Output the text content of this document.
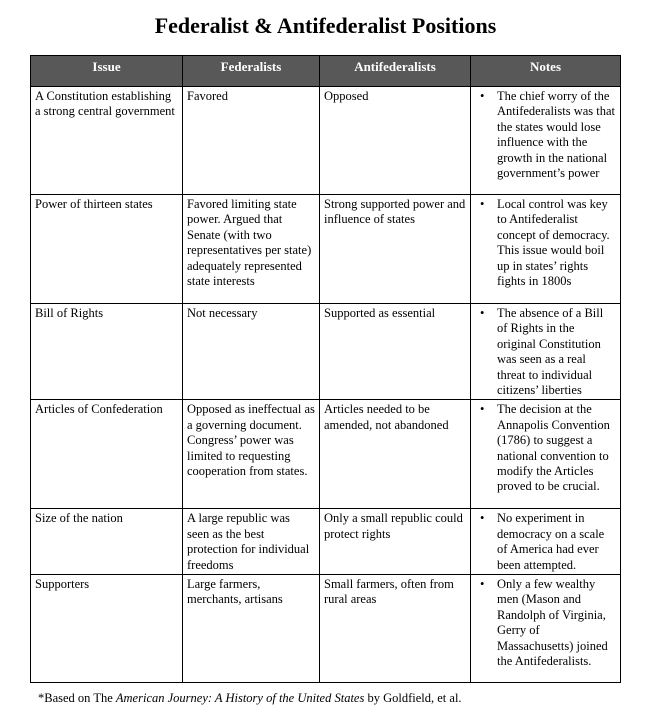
Federalist & Antifederalist Positions
Issue	Federalists	Antifederalists	Notes
A Constitution establishing a strong central government	Favored	Opposed	• The chief worry of the Antifederalists was that the states would lose influence with the growth in the national government’s power

Power of thirteen states	Favored limiting state power. Argued that Senate (with two representatives per state) adequately represented state interests	Strong supported power and influence of states	• Local control was key to Antifederalist concept of democracy. This issue would boil up in states’ rights fights in 1800s

Bill of Rights	Not necessary	Supported as essential	• The absence of a Bill of Rights in the original Constitution was seen as a real threat to individual citizens’ liberties

Articles of Confederation	Opposed as ineffectual as a governing document. Congress’ power was limited to requesting cooperation from states.	Articles needed to be amended, not abandoned	• The decision at the Annapolis Convention (1786) to suggest a national convention to modify the Articles proved to be crucial.

Size of the nation	A large republic was seen as the best protection for individual freedoms	Only a small republic could protect rights	• No experiment in democracy on a scale of America had ever been attempted.

Supporters	Large farmers, merchants, artisans	Small farmers, often from rural areas	• Only a few wealthy men (Mason and Randolph of Virginia, Gerry of Massachusetts) joined the Antifederalists.
*Based on The American Journey: A History of the United States by Goldfield, et al.
